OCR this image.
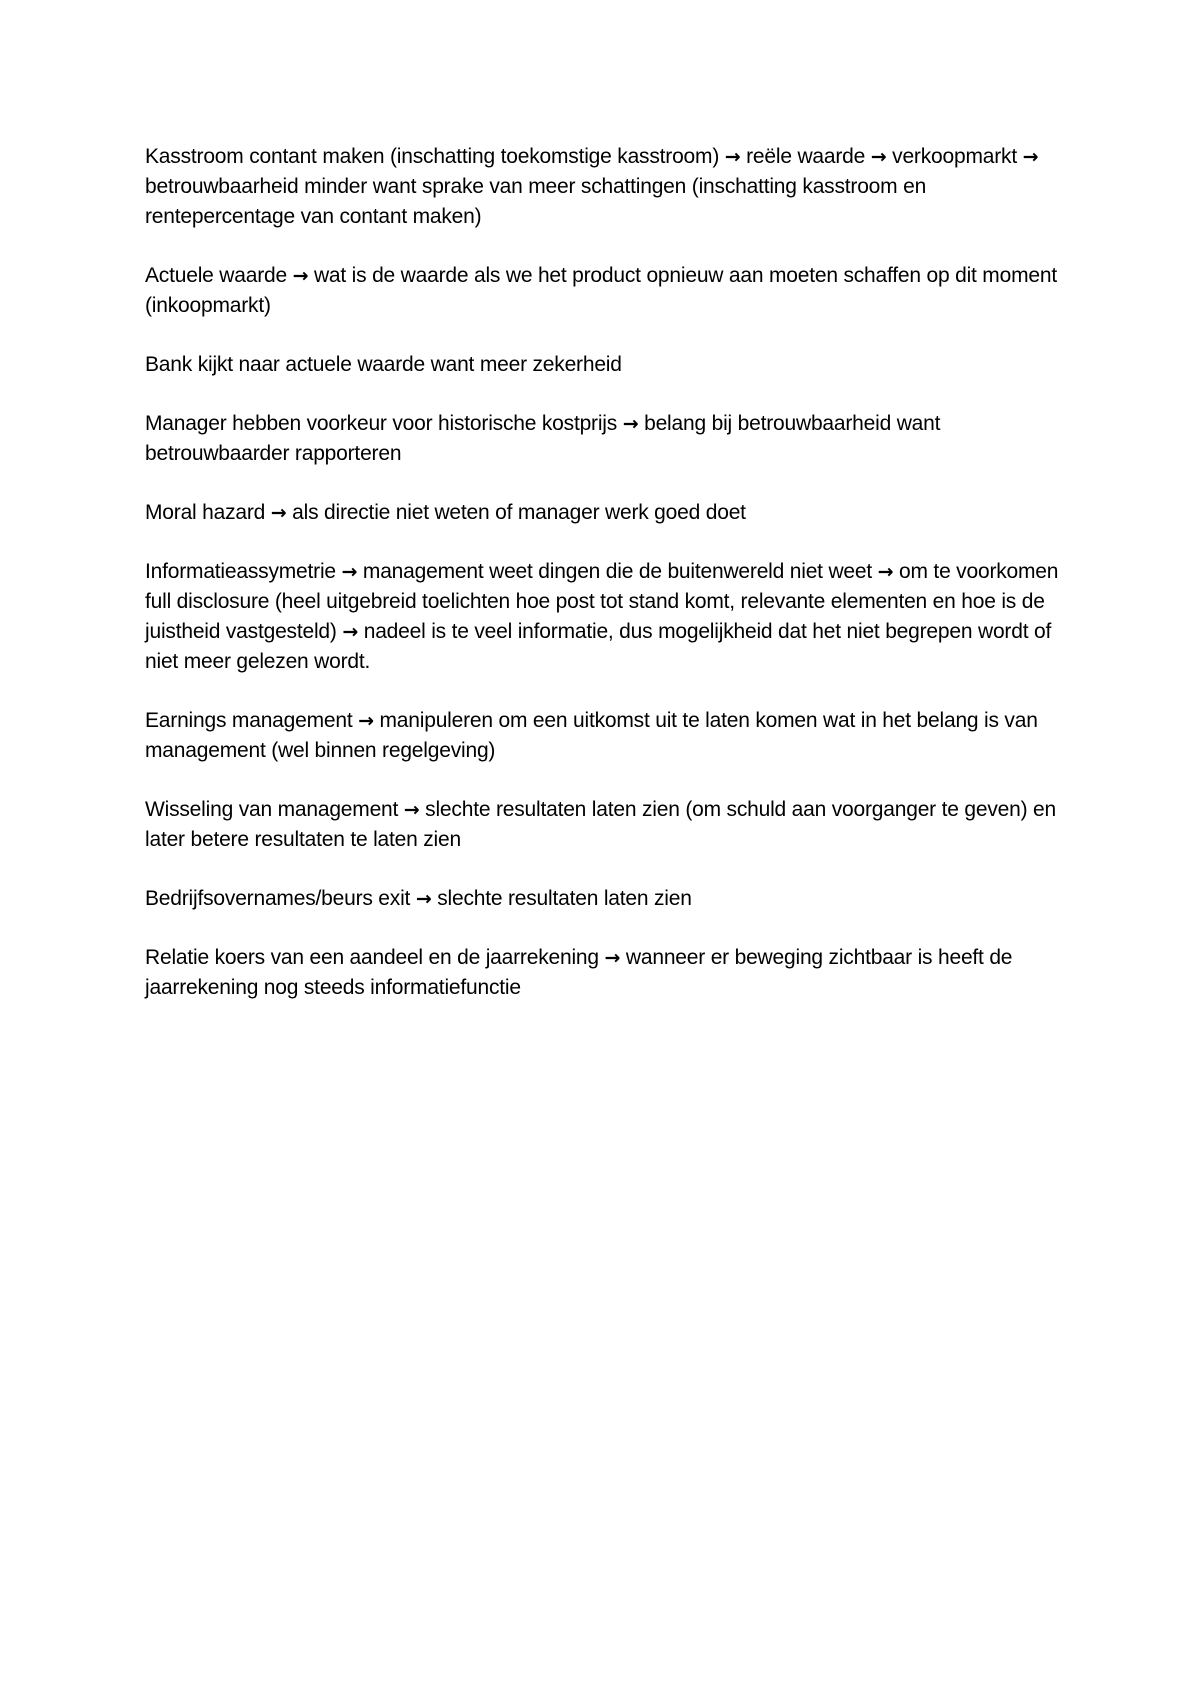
Kasstroom contant maken (inschatting toekomstige kasstroom) → reële waarde → verkoopmarkt → betrouwbaarheid minder want sprake van meer schattingen (inschatting kasstroom en rentepercentage van contant maken)

Actuele waarde → wat is de waarde als we het product opnieuw aan moeten schaffen op dit moment (inkoopmarkt)

Bank kijkt naar actuele waarde want meer zekerheid

Manager hebben voorkeur voor historische kostprijs → belang bij betrouwbaarheid want betrouwbaarder rapporteren

Moral hazard → als directie niet weten of manager werk goed doet

Informatieassymetrie → management weet dingen die de buitenwereld niet weet → om te voorkomen full disclosure (heel uitgebreid toelichten hoe post tot stand komt, relevante elementen en hoe is de juistheid vastgesteld) → nadeel is te veel informatie, dus mogelijkheid dat het niet begrepen wordt of niet meer gelezen wordt.

Earnings management → manipuleren om een uitkomst uit te laten komen wat in het belang is van management (wel binnen regelgeving)

Wisseling van management → slechte resultaten laten zien (om schuld aan voorganger te geven) en later betere resultaten te laten zien

Bedrijfsovernames/beurs exit → slechte resultaten laten zien

Relatie koers van een aandeel en de jaarrekening → wanneer er beweging zichtbaar is heeft de jaarrekening nog steeds informatiefunctie
